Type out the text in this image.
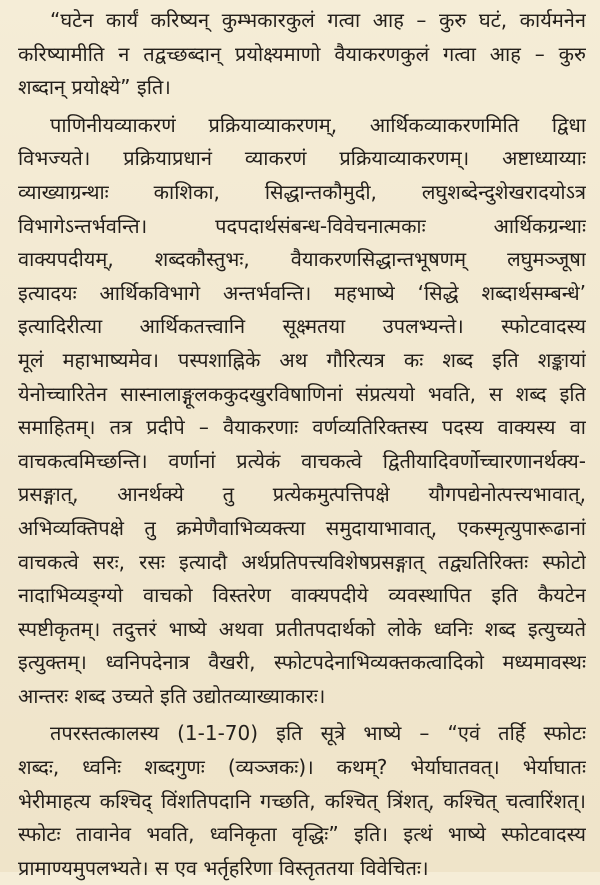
“घटेन कार्यं करिष्यन् कुम्भकारकुलं गत्वा आह – कुरु घटं, कार्यमनेन
करिष्यामीति न तद्वच्छब्दान् प्रयोक्ष्यमाणो वैयाकरणकुलं गत्वा आह – कुरु
शब्दान् प्रयोक्ष्ये” इति।
पाणिनीयव्याकरणं प्रक्रियाव्याकरणम्, आर्थिकव्याकरणमिति द्विधा
विभज्यते। प्रक्रियाप्रधानं व्याकरणं प्रक्रियाव्याकरणम्। अष्टाध्याय्याः
व्याख्याग्रन्थाः काशिका, सिद्धान्तकौमुदी, लघुशब्देन्दुशेखरादयोऽत्र
विभागेऽन्तर्भवन्ति। पदपदार्थसंबन्ध-विवेचनात्मकाः आर्थिकग्रन्थाः
वाक्यपदीयम्, शब्दकौस्तुभः, वैयाकरणसिद्धान्तभूषणम् लघुमञ्जूषा
इत्यादयः आर्थिकविभागे अन्तर्भवन्ति। महभाष्ये ‘सिद्धे शब्दार्थसम्बन्धे’
इत्यादिरीत्या आर्थिकतत्त्वानि सूक्ष्मतया उपलभ्यन्ते। स्फोटवादस्य
मूलं महाभाष्यमेव। पस्पशाह्निके अथ गौरित्यत्र कः शब्द इति शङ्कायां
येनोच्चारितेन सास्नालाङ्गूलककुदखुरविषाणिनां संप्रत्ययो भवति, स शब्द इति
समाहितम्। तत्र प्रदीपे – वैयाकरणाः वर्णव्यतिरिक्तस्य पदस्य वाक्यस्य वा
वाचकत्वमिच्छन्ति। वर्णानां प्रत्येकं वाचकत्वे द्वितीयादिवर्णोच्चारणानर्थक्य-
प्रसङ्गात्, आनर्थक्ये तु प्रत्येकमुत्पत्तिपक्षे यौगपद्येनोत्पत्त्यभावात्,
अभिव्यक्तिपक्षे तु क्रमेणैवाभिव्यक्त्या समुदायाभावात्, एकस्मृत्युपारूढानां
वाचकत्वे सरः, रसः इत्यादौ अर्थप्रतिपत्त्यविशेषप्रसङ्गात् तद्व्यतिरिक्तः स्फोटो
नादाभिव्यङ्ग्यो वाचको विस्तरेण वाक्यपदीये व्यवस्थापित इति कैयटेन
स्पष्टीकृतम्। तदुत्तरं भाष्ये अथवा प्रतीतपदार्थको लोके ध्वनिः शब्द इत्युच्यते
इत्युक्तम्। ध्वनिपदेनात्र वैखरी, स्फोटपदेनाभिव्यक्तकत्वादिको मध्यमावस्थः
आन्तरः शब्द उच्यते इति उद्योतव्याख्याकारः।
तपरस्तत्कालस्य (1-1-70) इति सूत्रे भाष्ये – “एवं तर्हि स्फोटः
शब्दः, ध्वनिः शब्दगुणः (व्यञ्जकः)। कथम्? भेर्याघातवत्। भेर्याघातः
भेरीमाहत्य कश्चिद् विंशतिपदानि गच्छति, कश्चित् त्रिंशत्, कश्चित् चत्वारिंशत्।
स्फोटः तावानेव भवति, ध्वनिकृता वृद्धिः” इति। इत्थं भाष्ये स्फोटवादस्य
प्रामाण्यमुपलभ्यते। स एव भर्तृहरिणा विस्तृततया विवेचितः।
